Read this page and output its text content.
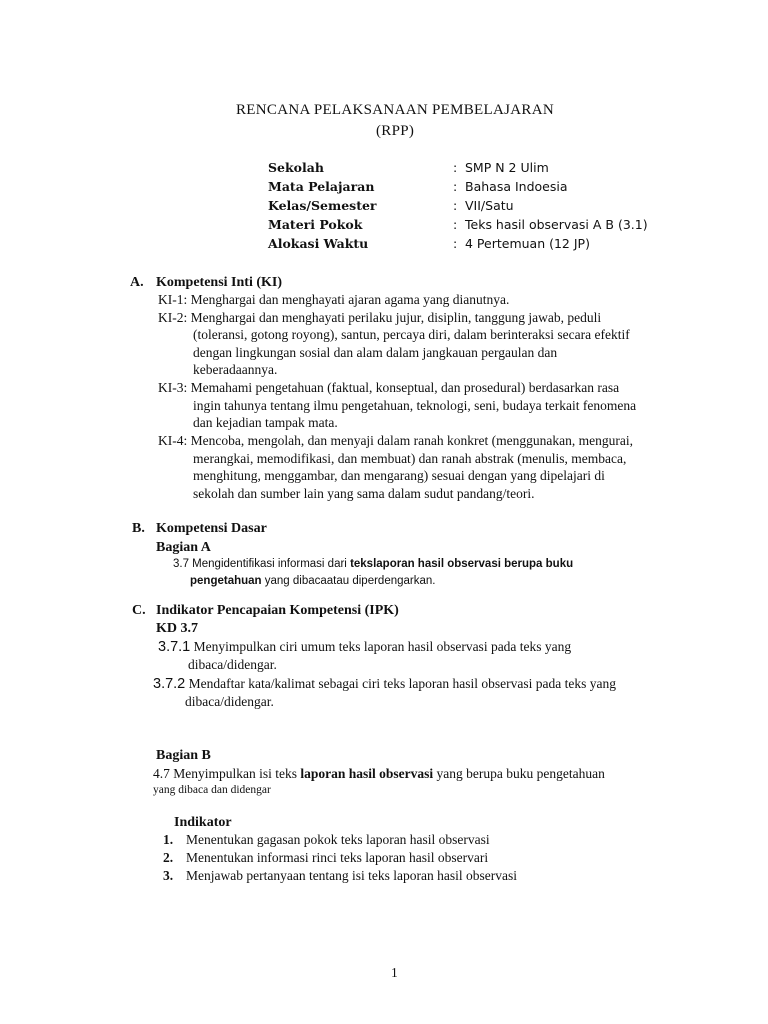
RENCANA PELAKSANAAN PEMBELAJARAN
(RPP)
Sekolah	: SMP N 2 Ulim
Mata Pelajaran	: Bahasa Indoesia
Kelas/Semester	: VII/Satu
Materi Pokok	: Teks hasil observasi A B (3.1)
Alokasi Waktu	: 4 Pertemuan (12 JP)
A. Kompetensi Inti (KI)
KI-1: Menghargai dan menghayati ajaran agama yang dianutnya.
KI-2: Menghargai dan menghayati perilaku jujur, disiplin, tanggung jawab, peduli
(toleransi, gotong royong), santun, percaya diri, dalam berinteraksi secara efektif
dengan lingkungan sosial dan alam dalam jangkauan pergaulan dan
keberadaannya.
KI-3: Memahami pengetahuan (faktual, konseptual, dan prosedural) berdasarkan rasa
ingin tahunya tentang ilmu pengetahuan, teknologi, seni, budaya terkait fenomena
dan kejadian tampak mata.
KI-4: Mencoba, mengolah, dan menyaji dalam ranah konkret (menggunakan, mengurai,
merangkai, memodifikasi, dan membuat) dan ranah abstrak (menulis, membaca,
menghitung, menggambar, dan mengarang) sesuai dengan yang dipelajari di
sekolah dan sumber lain yang sama dalam sudut pandang/teori.
B. Kompetensi Dasar
Bagian A
3.7 Mengidentifikasi informasi dari tekslaporan hasil observasi berupa buku
pengetahuan yang dibacaatau diperdengarkan.
C. Indikator Pencapaian Kompetensi (IPK)
KD 3.7
3.7.1 Menyimpulkan ciri umum teks laporan hasil observasi pada teks yang
dibaca/didengar.
3.7.2 Mendaftar kata/kalimat sebagai ciri teks laporan hasil observasi pada teks yang
dibaca/didengar.
Bagian B
4.7 Menyimpulkan isi teks laporan hasil observasi yang berupa buku pengetahuan
yang dibaca dan didengar
Indikator
1. Menentukan gagasan pokok teks laporan hasil observasi
2. Menentukan informasi rinci teks laporan hasil observari
3. Menjawab pertanyaan tentang isi teks laporan hasil observasi
1
